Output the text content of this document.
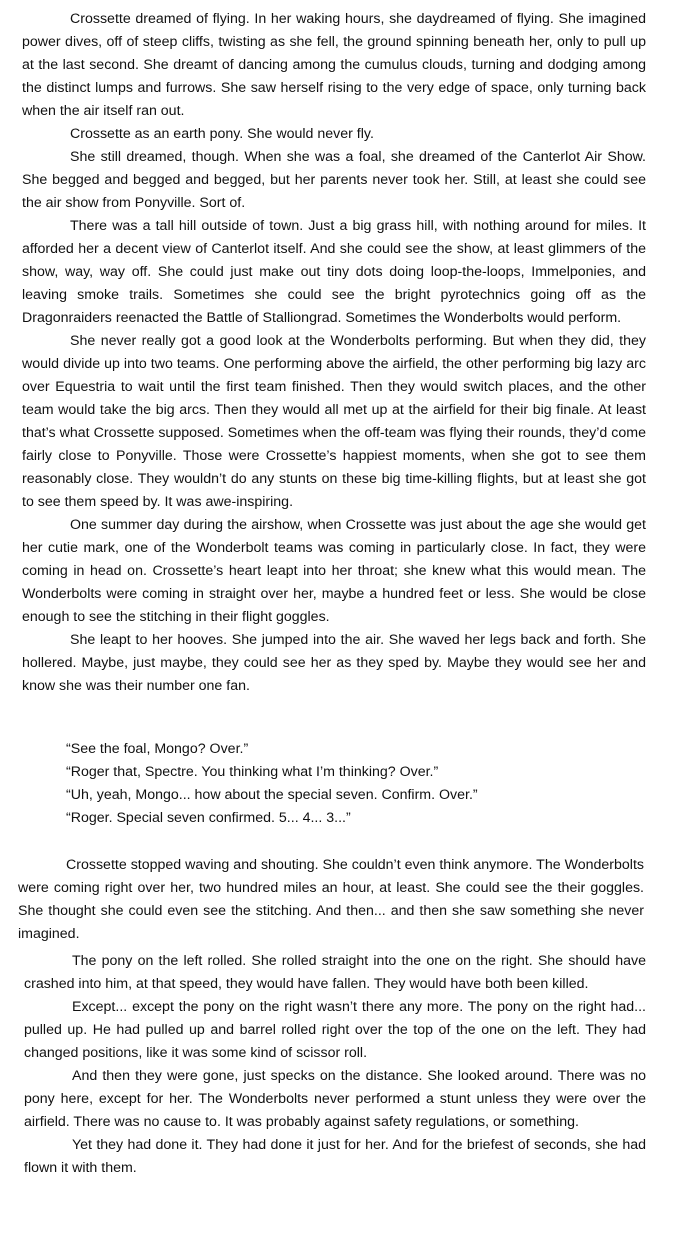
Crossette dreamed of flying. In her waking hours, she daydreamed of flying. She imagined power dives, off of steep cliffs, twisting as she fell, the ground spinning beneath her, only to pull up at the last second. She dreamt of dancing among the cumulus clouds, turning and dodging among the distinct lumps and furrows. She saw herself rising to the very edge of space, only turning back when the air itself ran out.

Crossette as an earth pony. She would never fly.

She still dreamed, though. When she was a foal, she dreamed of the Canterlot Air Show. She begged and begged and begged, but her parents never took her. Still, at least she could see the air show from Ponyville. Sort of.

There was a tall hill outside of town. Just a big grass hill, with nothing around for miles. It afforded her a decent view of Canterlot itself. And she could see the show, at least glimmers of the show, way, way off. She could just make out tiny dots doing loop-the-loops, Immelponies, and leaving smoke trails. Sometimes she could see the bright pyrotechnics going off as the Dragonraiders reenacted the Battle of Stalliongrad. Sometimes the Wonderbolts would perform.

She never really got a good look at the Wonderbolts performing. But when they did, they would divide up into two teams. One performing above the airfield, the other performing big lazy arc over Equestria to wait until the first team finished. Then they would switch places, and the other team would take the big arcs. Then they would all met up at the airfield for their big finale. At least that’s what Crossette supposed. Sometimes when the off-team was flying their rounds, they’d come fairly close to Ponyville. Those were Crossette’s happiest moments, when she got to see them reasonably close. They wouldn’t do any stunts on these big time-killing flights, but at least she got to see them speed by. It was awe-inspiring.

One summer day during the airshow, when Crossette was just about the age she would get her cutie mark, one of the Wonderbolt teams was coming in particularly close. In fact, they were coming in head on. Crossette’s heart leapt into her throat; she knew what this would mean. The Wonderbolts were coming in straight over her, maybe a hundred feet or less. She would be close enough to see the stitching in their flight goggles.

She leapt to her hooves. She jumped into the air. She waved her legs back and forth. She hollered. Maybe, just maybe, they could see her as they sped by. Maybe they would see her and know she was their number one fan.

“See the foal, Mongo? Over.”

“Roger that, Spectre. You thinking what I’m thinking? Over.”

“Uh, yeah, Mongo... how about the special seven. Confirm. Over.”

“Roger. Special seven confirmed. 5... 4... 3...”

Crossette stopped waving and shouting. She couldn’t even think anymore. The Wonderbolts were coming right over her, two hundred miles an hour, at least. She could see the their goggles. She thought she could even see the stitching. And then... and then she saw something she never imagined.

The pony on the left rolled. She rolled straight into the one on the right. She should have crashed into him, at that speed, they would have fallen. They would have both been killed.

Except... except the pony on the right wasn’t there any more. The pony on the right had... pulled up. He had pulled up and barrel rolled right over the top of the one on the left. They had changed positions, like it was some kind of scissor roll.

And then they were gone, just specks on the distance. She looked around. There was no pony here, except for her. The Wonderbolts never performed a stunt unless they were over the airfield. There was no cause to. It was probably against safety regulations, or something.

Yet they had done it. They had done it just for her. And for the briefest of seconds, she had flown it with them.
